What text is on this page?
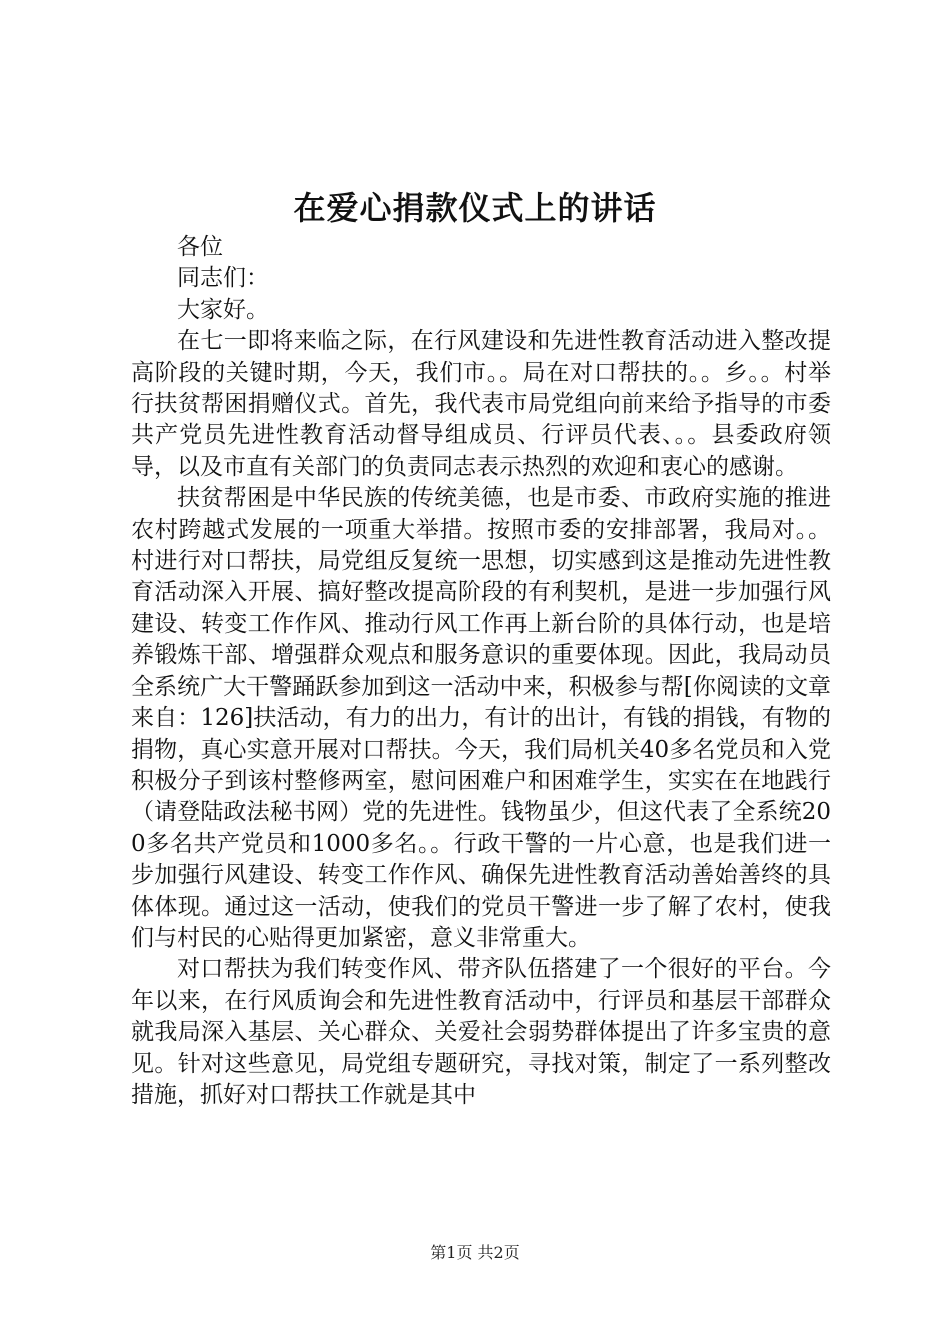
在爱心捐款仪式上的讲话

各位

同志们：

大家好。

在七一即将来临之际，在行风建设和先进性教育活动进入整改提高阶段的关键时期，今天，我们市。。局在对口帮扶的。。乡。。村举行扶贫帮困捐赠仪式。首先，我代表市局党组向前来给予指导的市委共产党员先进性教育活动督导组成员、行评员代表、。。县委政府领导，以及市直有关部门的负责同志表示热烈的欢迎和衷心的感谢。

扶贫帮困是中华民族的传统美德，也是市委、市政府实施的推进农村跨越式发展的一项重大举措。按照市委的安排部署，我局对。。村进行对口帮扶，局党组反复统一思想，切实感到这是推动先进性教育活动深入开展、搞好整改提高阶段的有利契机，是进一步加强行风建设、转变工作作风、推动行风工作再上新台阶的具体行动，也是培养锻炼干部、增强群众观点和服务意识的重要体现。因此，我局动员全系统广大干警踊跃参加到这一活动中来，积极参与帮[你阅读的文章来自：126]扶活动，有力的出力，有计的出计，有钱的捐钱，有物的捐物，真心实意开展对口帮扶。今天，我们局机关40多名党员和入党积极分子到该村整修两室，慰问困难户和困难学生，实实在在地践行（请登陆政法秘书网）党的先进性。钱物虽少，但这代表了全系统200多名共产党员和1000多名。。行政干警的一片心意，也是我们进一步加强行风建设、转变工作作风、确保先进性教育活动善始善终的具体体现。通过这一活动，使我们的党员干警进一步了解了农村，使我们与村民的心贴得更加紧密，意义非常重大。

对口帮扶为我们转变作风、带齐队伍搭建了一个很好的平台。今年以来，在行风质询会和先进性教育活动中，行评员和基层干部群众就我局深入基层、关心群众、关爱社会弱势群体提出了许多宝贵的意见。针对这些意见，局党组专题研究，寻找对策，制定了一系列整改措施，抓好对口帮扶工作就是其中

第1页 共2页
